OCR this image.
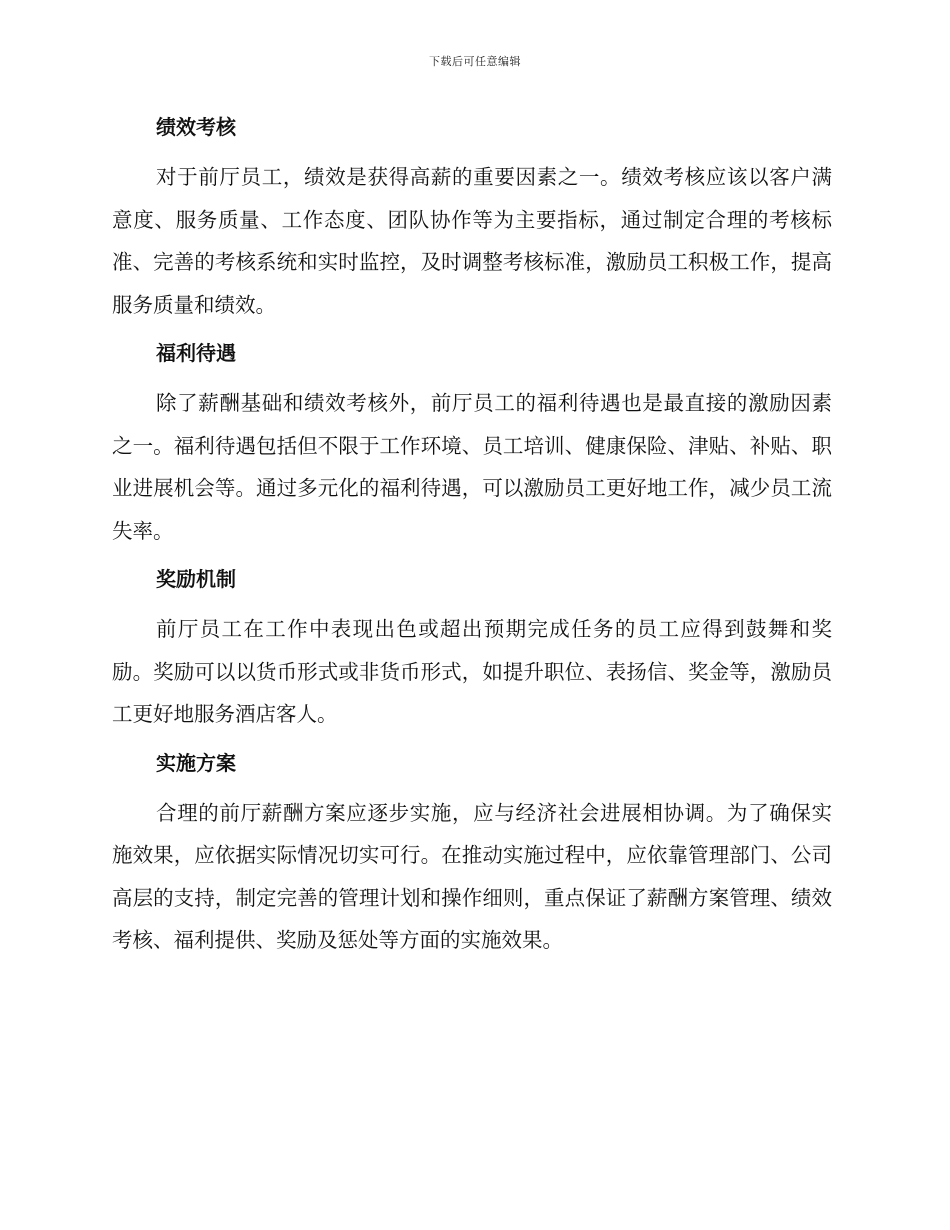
下载后可任意编辑
绩效考核

对于前厅员工，绩效是获得高薪的重要因素之一。绩效考核应该以客户满意度、服务质量、工作态度、团队协作等为主要指标，通过制定合理的考核标准、完善的考核系统和实时监控，及时调整考核标准，激励员工积极工作，提高服务质量和绩效。

福利待遇

除了薪酬基础和绩效考核外，前厅员工的福利待遇也是最直接的激励因素之一。福利待遇包括但不限于工作环境、员工培训、健康保险、津贴、补贴、职业进展机会等。通过多元化的福利待遇，可以激励员工更好地工作，减少员工流失率。

奖励机制

前厅员工在工作中表现出色或超出预期完成任务的员工应得到鼓舞和奖励。奖励可以以货币形式或非货币形式，如提升职位、表扬信、奖金等，激励员工更好地服务酒店客人。

实施方案

合理的前厅薪酬方案应逐步实施，应与经济社会进展相协调。为了确保实施效果，应依据实际情况切实可行。在推动实施过程中，应依靠管理部门、公司高层的支持，制定完善的管理计划和操作细则，重点保证了薪酬方案管理、绩效考核、福利提供、奖励及惩处等方面的实施效果。
